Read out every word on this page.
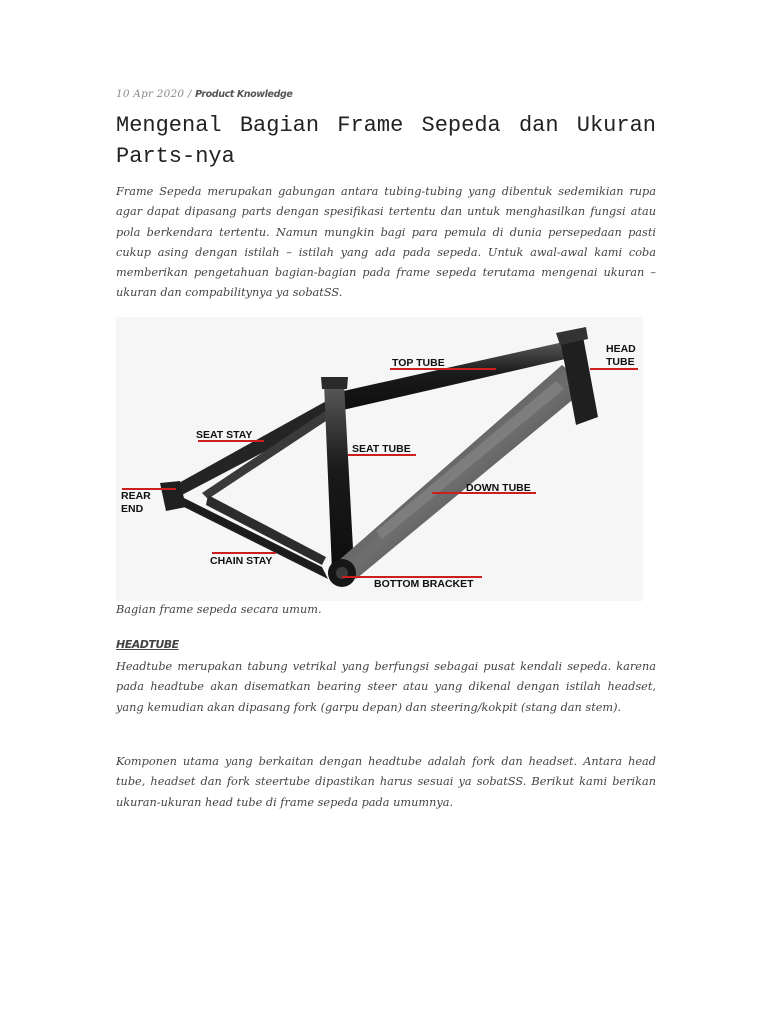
10 Apr 2020 / Product Knowledge
Mengenal Bagian Frame Sepeda dan Ukuran Parts-nya

Frame Sepeda merupakan gabungan antara tubing-tubing yang dibentuk sedemikian rupa agar dapat dipasang parts dengan spesifikasi tertentu dan untuk menghasilkan fungsi atau pola berkendara tertentu. Namun mungkin bagi para pemula di dunia persepedaan pasti cukup asing dengan istilah – istilah yang ada pada sepeda. Untuk awal-awal kami coba memberikan pengetahuan bagian-bagian pada frame sepeda terutama mengenai ukuran – ukuran dan compabilitynya ya sobatSS.

TOP TUBE
HEAD
TUBE
SEAT STAY
SEAT TUBE
DOWN TUBE
REAR
END
CHAIN STAY
BOTTOM BRACKET
Bagian frame sepeda secara umum.
HEADTUBE

Headtube merupakan tabung vetrikal yang berfungsi sebagai pusat kendali sepeda. karena pada headtube akan disematkan bearing steer atau yang dikenal dengan istilah headset, yang kemudian akan dipasang fork (garpu depan) dan steering/kokpit (stang dan stem).

Komponen utama yang berkaitan dengan headtube adalah fork dan headset. Antara head tube, headset dan fork steertube dipastikan harus sesuai ya sobatSS. Berikut kami berikan ukuran-ukuran head tube di frame sepeda pada umumnya.
